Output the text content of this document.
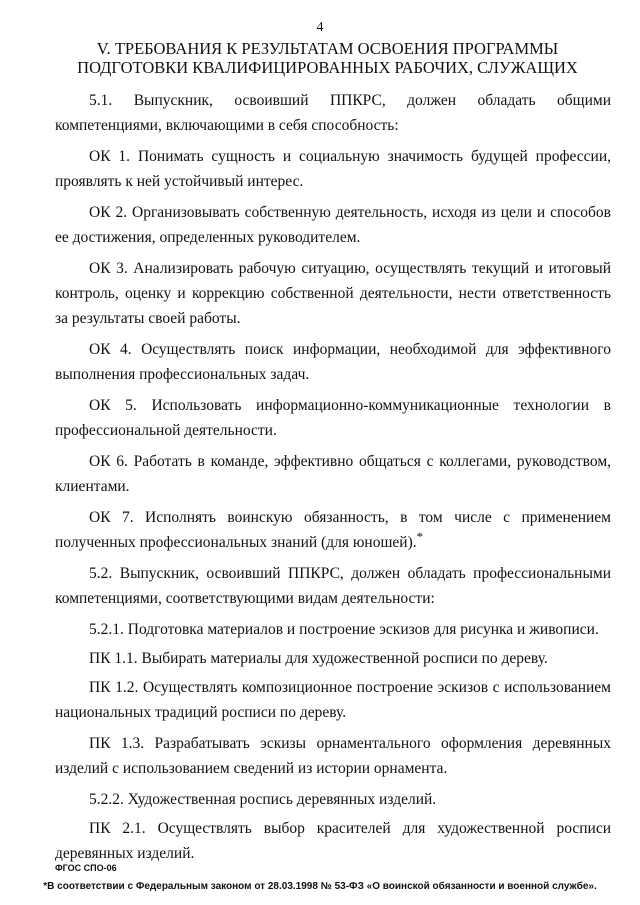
4
V. ТРЕБОВАНИЯ К РЕЗУЛЬТАТАМ ОСВОЕНИЯ ПРОГРАММЫ ПОДГОТОВКИ КВАЛИФИЦИРОВАННЫХ РАБОЧИХ, СЛУЖАЩИХ

5.1. Выпускник, освоивший ППКРС, должен обладать общими компетенциями, включающими в себя способность:

ОК 1. Понимать сущность и социальную значимость будущей профессии, проявлять к ней устойчивый интерес.

ОК 2. Организовывать собственную деятельность, исходя из цели и способов ее достижения, определенных руководителем.

ОК 3. Анализировать рабочую ситуацию, осуществлять текущий и итоговый контроль, оценку и коррекцию собственной деятельности, нести ответственность за результаты своей работы.

ОК 4. Осуществлять поиск информации, необходимой для эффективного выполнения профессиональных задач.

ОК 5. Использовать информационно-коммуникационные технологии в профессиональной деятельности.

ОК 6. Работать в команде, эффективно общаться с коллегами, руководством, клиентами.

ОК 7. Исполнять воинскую обязанность, в том числе с применением полученных профессиональных знаний (для юношей).*

5.2. Выпускник, освоивший ППКРС, должен обладать профессиональными компетенциями, соответствующими видам деятельности:

5.2.1. Подготовка материалов и построение эскизов для рисунка и живописи.

ПК 1.1. Выбирать материалы для художественной росписи по дереву.

ПК 1.2. Осуществлять композиционное построение эскизов с использованием национальных традиций росписи по дереву.

ПК 1.3. Разрабатывать эскизы орнаментального оформления деревянных изделий с использованием сведений из истории орнамента.

5.2.2. Художественная роспись деревянных изделий.

ПК 2.1. Осуществлять выбор красителей для художественной росписи деревянных изделий.

ФГОС СПО-06
*В соответствии с Федеральным законом от 28.03.1998 № 53-ФЗ «О воинской обязанности и военной службе».
